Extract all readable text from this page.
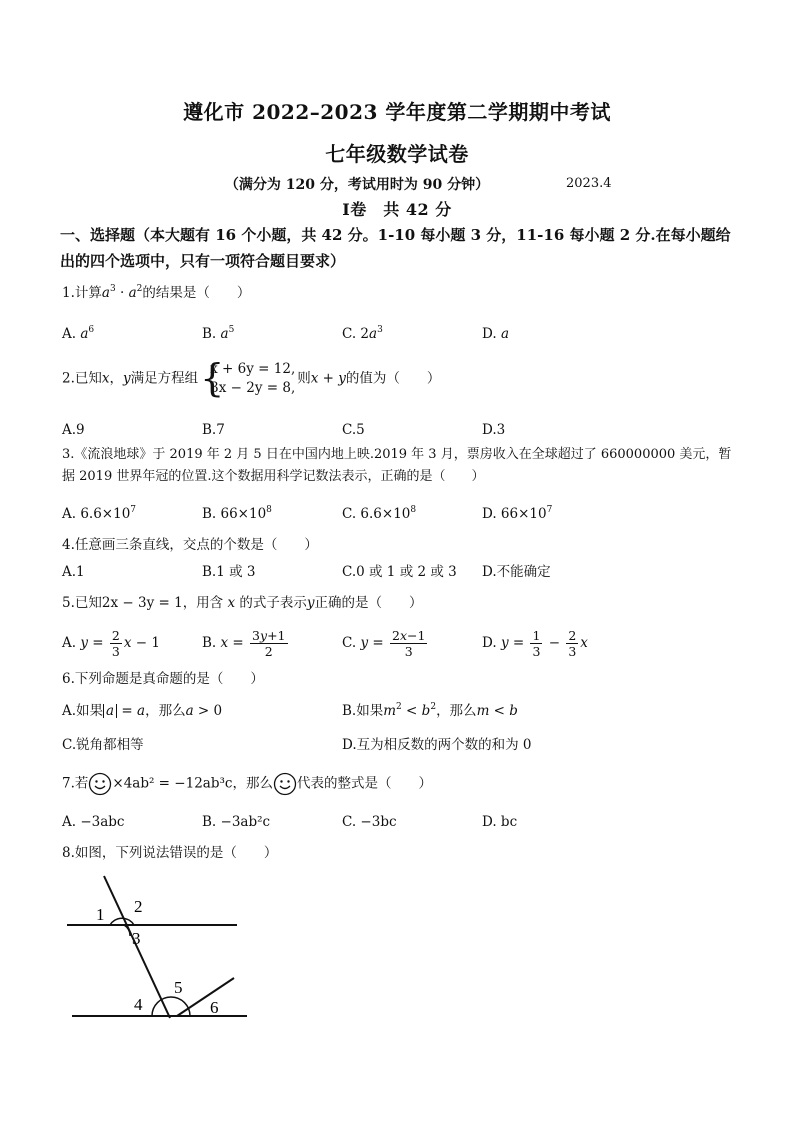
遵化市 2022–2023 学年度第二学期期中考试
七年级数学试卷
（满分为 120 分，考试用时为 90 分钟）	2023.4
Ⅰ卷　共 42 分
一、选择题（本大题有 16 个小题，共 42 分。1-10 每小题 3 分，11-16 每小题 2 分.在每小题给
出的四个选项中，只有一项符合题目要求）
1.计算$a^3 \cdot a^2$的结果是（　　）
A. $a^6$	B. $a^5$	C. $2a^3$	D. a
2.已知x，y满足方程组 {
x + 6y = 12,
3x − 2y = 8,
则x + y的值为（　　）
A.9	B.7	C.5	D.3
3.《流浪地球》于 2019 年 2 月 5 日在中国内地上映.2019 年 3 月，票房收入在全球超过了 660000000 美元，暂
据 2019 世界年冠的位置.这个数据用科学记数法表示，正确的是（　　）
A. $6.6\times 10^7$	B. $66\times 10^8$	C. $6.6\times 10^8$	D. $66\times 10^7$
4.任意画三条直线，交点的个数是（　　）
A.1	B.1 或 3	C.0 或 1 或 2 或 3 D.不能确定
5.已知2x − 3y = 1，用含 x 的式子表示y正确的是（　　）
A. $y = \frac{2}{3}$ x − 1	B. $x = \frac{3y+1}{2}$	C. $y = \frac{2x-1}{3}$	D. $y = \frac{1}{3} - \frac{2}{3}$ x
6.下列命题是真命题的是（　　）
A.如果 a = a，那么a > 0	B.如果$m^2 < b^2$，那么m < b
C.锐角都相等	D.互为相反数的两个数的和为 0
7.若 ×4ab² = −12ab³c，那么 代表的整式是（　　）
A. −3abc	B. −3ab²c	C. −3bc	D. bc
8.如图，下列说法错误的是（　　）
1 2
3
4
5
6
